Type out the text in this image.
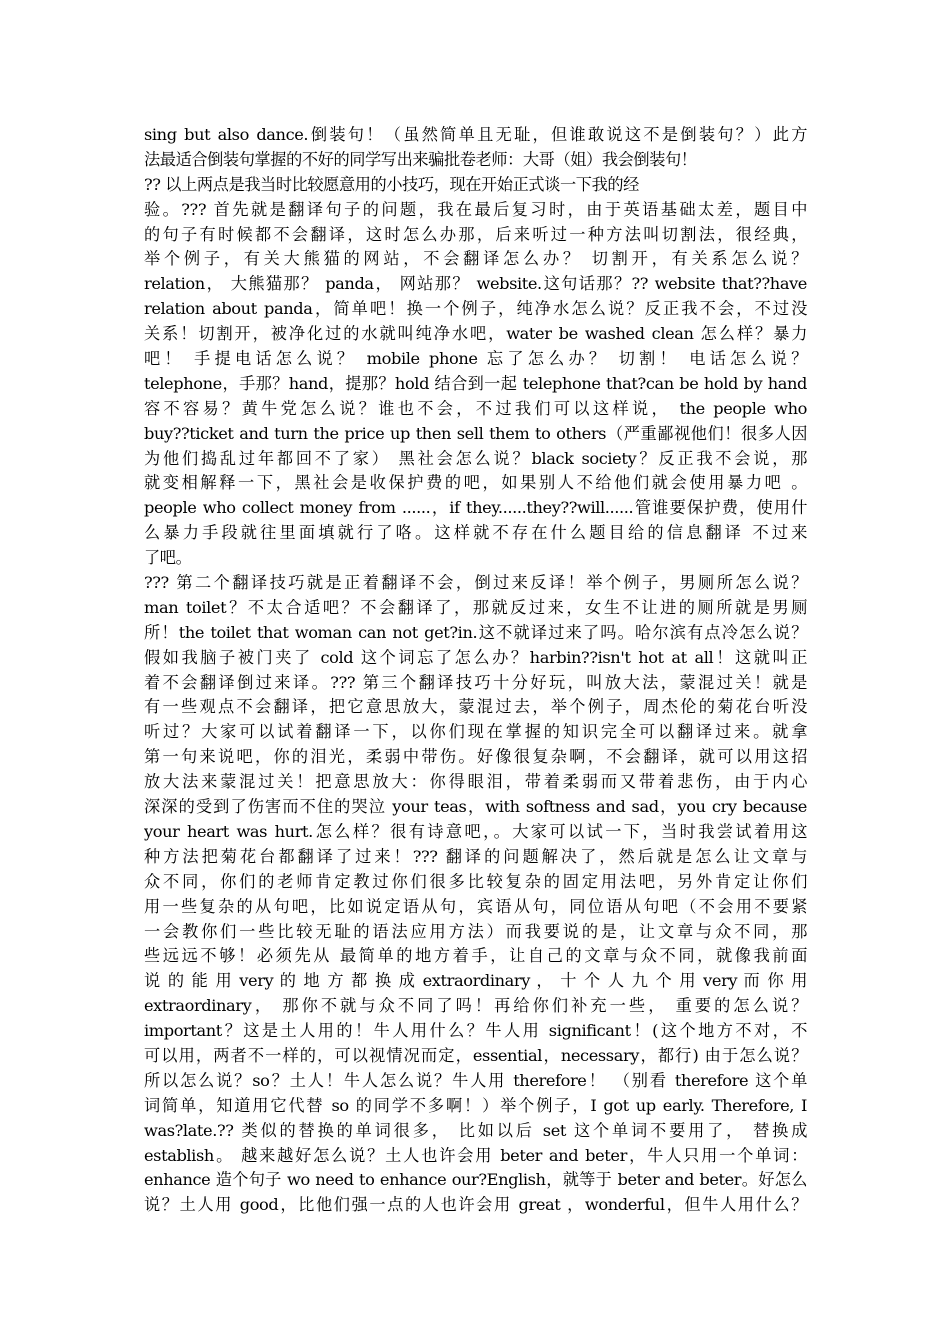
sing but also dance.倒装句！（虽然简单且无耻，但谁敢说这不是倒装句？）此方
法最适合倒装句掌握的不好的同学写出来骗批卷老师：大哥（姐）我会倒装句！
?? 以上两点是我当时比较愿意用的小技巧，现在开始正式谈一下我的经
验。??? 首先就是翻译句子的问题，我在最后复习时，由于英语基础太差，题目中
的句子有时候都不会翻译，这时怎么办那，后来听过一种方法叫切割法，很经典，
举个例子，有关大熊猫的网站，不会翻译怎么办？ 切割开，有关系怎么说？
relation， 大熊猫那？ panda， 网站那？ website.这句话那？?? website that??have
relation about panda，简单吧！换一个例子，纯净水怎么说？反正我不会，不过没
关系！切割开，被净化过的水就叫纯净水吧，water be washed clean 怎么样？暴力
吧！ 手提电话怎么说？ mobile phone 忘了怎么办？ 切割！ 电话怎么说？
telephone，手那？hand，提那？hold 结合到一起 telephone that?can be hold by hand
容不容易？黄牛党怎么说？谁也不会，不过我们可以这样说， the people who
buy??ticket and turn the price up then sell them to others（严重鄙视他们！很多人因
为他们捣乱过年都回不了家） 黑社会怎么说？black society？反正我不会说，那
就变相解释一下，黑社会是收保护费的吧，如果别人不给他们就会使用暴力吧 。
people who collect money from ......，if they......they??will......管谁要保护费，使用什
么暴力手段就往里面填就行了咯。这样就不存在什么题目给的信息翻译 不过来
了吧。
??? 第二个翻译技巧就是正着翻译不会，倒过来反译！举个例子，男厕所怎么说？
man toilet？不太合适吧？不会翻译了，那就反过来，女生不让进的厕所就是男厕
所！the toilet that woman can not get?in.这不就译过来了吗。哈尔滨有点冷怎么说？
假如我脑子被门夹了 cold 这个词忘了怎么办？harbin??isn't hot at all！这就叫正
着不会翻译倒过来译。??? 第三个翻译技巧十分好玩，叫放大法，蒙混过关！就是
有一些观点不会翻译，把它意思放大，蒙混过去，举个例子，周杰伦的菊花台听没
听过？大家可以试着翻译一下，以你们现在掌握的知识完全可以翻译过来。就拿
第一句来说吧，你的泪光，柔弱中带伤。好像很复杂啊，不会翻译，就可以用这招
放大法来蒙混过关！把意思放大：你得眼泪，带着柔弱而又带着悲伤，由于内心
深深的受到了伤害而不住的哭泣 your teas，with softness and sad，you cry because
your heart was hurt.怎么样？很有诗意吧，。大家可以试一下，当时我尝试着用这
种方法把菊花台都翻译了过来！??? 翻译的问题解决了，然后就是怎么让文章与
众不同，你们的老师肯定教过你们很多比较复杂的固定用法吧，另外肯定让你们
用一些复杂的从句吧，比如说定语从句，宾语从句，同位语从句吧（不会用不要紧
一会教你们一些比较无耻的语法应用方法）而我要说的是，让文章与众不同，那
些远远不够！必须先从 最简单的地方着手，让自己的文章与众不同，就像我前面
说 的 能 用 very 的 地 方 都 换 成 extraordinary ， 十 个 人 九 个 用 very 而 你 用
extraordinary， 那你不就与众不同了吗！再给你们补充一些， 重要的怎么说？
important？这是土人用的！牛人用什么？牛人用 significant！(这个地方不对，不
可以用，两者不一样的，可以视情况而定，essential，necessary，都行) 由于怎么说？
所以怎么说？so？土人！牛人怎么说？牛人用 therefore！ （别看 therefore 这个单
词简单，知道用它代替 so 的同学不多啊！）举个例子，I got up early. Therefore, I
was?late.?? 类似的替换的单词很多， 比如以后 set 这个单词不要用了， 替换成
establish。 越来越好怎么说？土人也许会用 beter and beter，牛人只用一个单词：
enhance 造个句子 wo need to enhance our?English，就等于 beter and beter。好怎么
说？土人用 good，比他们强一点的人也许会用 great ，wonderful，但牛人用什么？
